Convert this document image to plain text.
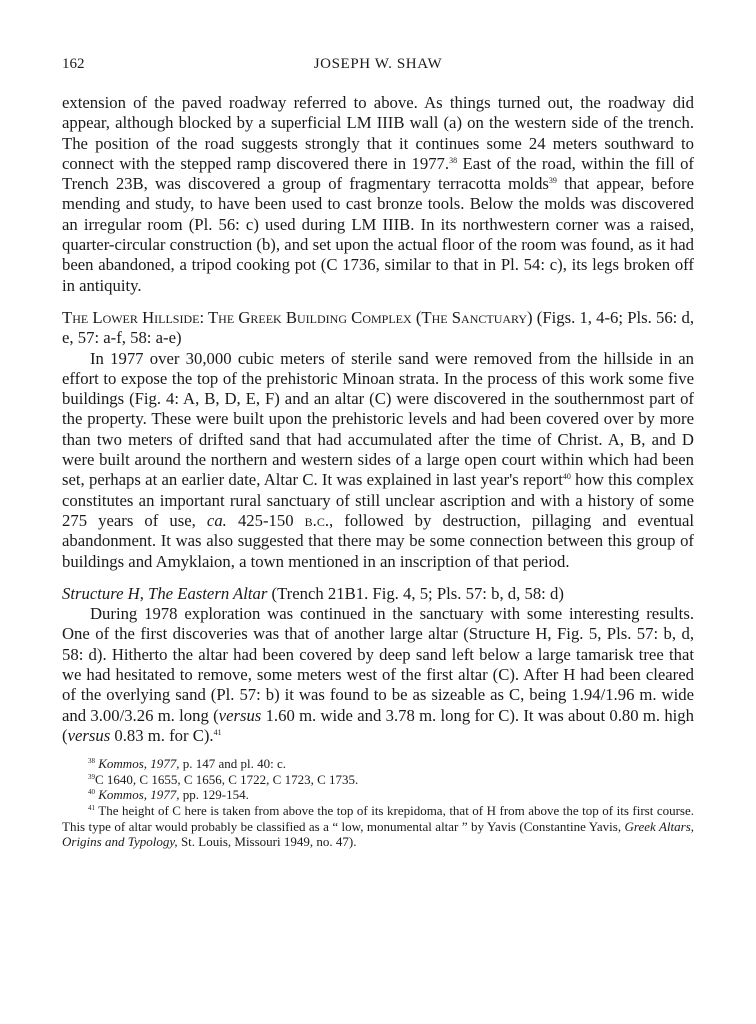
162	JOSEPH W. SHAW

extension of the paved roadway referred to above. As things turned out, the roadway did appear, although blocked by a superficial LM IIIB wall (a) on the western side of the trench. The position of the road suggests strongly that it continues some 24 meters southward to connect with the stepped ramp discovered there in 1977.38 East of the road, within the fill of Trench 23B, was discovered a group of fragmentary terracotta molds$^{39}$ that appear, before mending and study, to have been used to cast bronze tools. Below the molds was discovered an irregular room (Pl. 56: c) used during LM IIIB. In its northwestern corner was a raised, quarter-circular construction (b), and set upon the actual floor of the room was found, as it had been abandoned, a tripod cooking pot (C 1736, similar to that in Pl. 54: c), its legs broken off in antiquity.

The Lower Hillside: The Greek Building Complex (The Sanctuary) (Figs. 1, 4-6; Pls. 56: d, e, 57: a-f, 58: a-e)

In 1977 over 30,000 cubic meters of sterile sand were removed from the hillside in an effort to expose the top of the prehistoric Minoan strata. In the process of this work some five buildings (Fig. 4: A, B, D, E, F) and an altar (C) were discovered in the southernmost part of the property. These were built upon the prehistoric levels and had been covered over by more than two meters of drifted sand that had accumulated after the time of Christ. A, B, and D were built around the northern and western sides of a large open court within which had been set, perhaps at an earlier date, Altar C. It was explained in last year's report$^{40}$ how this complex constitutes an important rural sanctuary of still unclear ascription and with a history of some 275 years of use, ca. 425-150 b.c., followed by destruction, pillaging and eventual abandonment. It was also suggested that there may be some connection between this group of buildings and Amyklaion, a town mentioned in an inscription of that period.

Structure H, The Eastern Altar (Trench 21B1. Fig. 4, 5; Pls. 57: b, d, 58: d)

During 1978 exploration was continued in the sanctuary with some interesting results. One of the first discoveries was that of another large altar (Structure H, Fig. 5, Pls. 57: b, d, 58: d). Hitherto the altar had been covered by deep sand left below a large tamarisk tree that we had hesitated to remove, some meters west of the first altar (C). After H had been cleared of the overlying sand (Pl. 57: b) it was found to be as sizeable as C, being 1.94/1.96 m. wide and 3.00/3.26 m. long (versus 1.60 m. wide and 3.78 m. long for C). It was about 0.80 m. high (versus 0.83 m. for C).$^{41}$

$^{38}$ Kommos, 1977, p. 147 and pl. 40: c.

$^{39}$C 1640, C 1655, C 1656, C 1722, C 1723, C 1735.

$^{40}$ Kommos, 1977, pp. 129-154.

$^{41}$ The height of C here is taken from above the top of its krepidoma, that of H from above the top of its first course. This type of altar would probably be classified as a “ low, monumental altar ” by Yavis (Constantine Yavis, Greek Altars, Origins and Typology, St. Louis, Missouri 1949, no. 47).
